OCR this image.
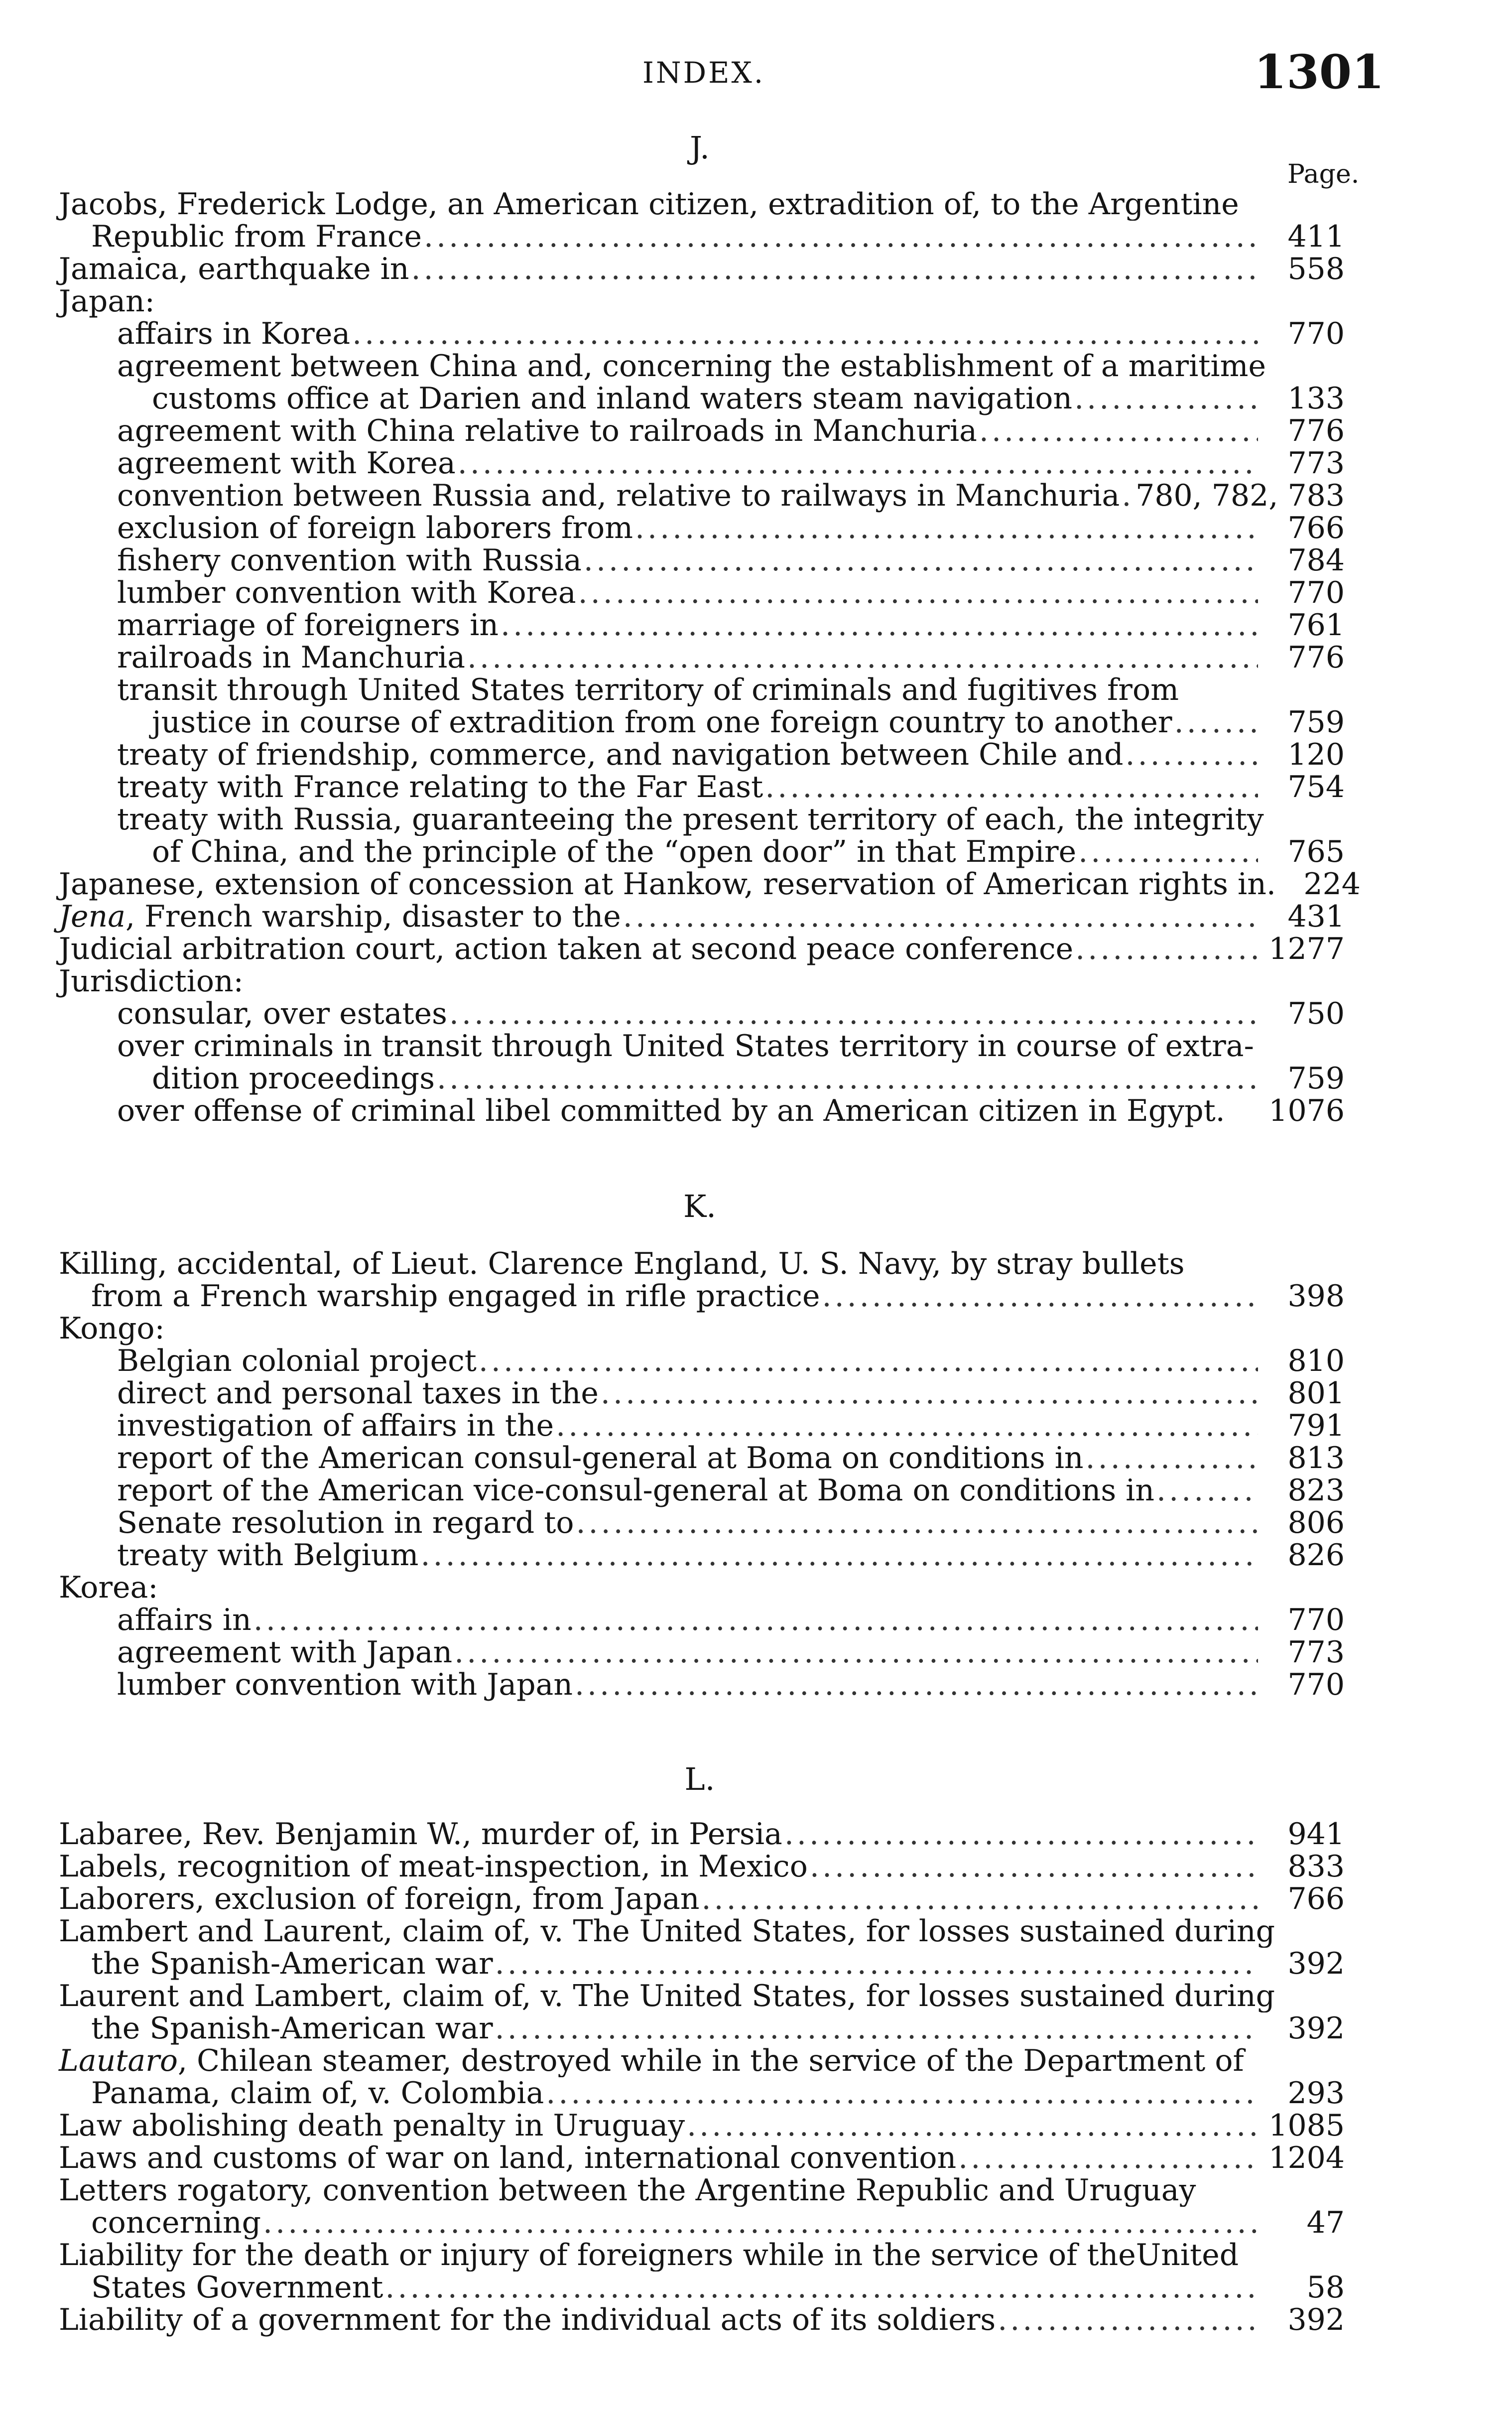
INDEX.	1301
Page.
J.
Jacobs, Frederick Lodge, an American citizen, extradition of, to the Argentine
Republic from France .....	411
Jamaica, earthquake in .....	558
Japan:
affairs in Korea .....	770
agreement between China and, concerning the establishment of a maritime
customs office at Darien and inland waters steam navigation .....	133
agreement with China relative to railroads in Manchuria .....	776
agreement with Korea .....	773
convention between Russia and, relative to railways in Manchuria ..... 780, 782, 783
exclusion of foreign laborers from .....	766
fishery convention with Russia .....	784
lumber convention with Korea .....	770
marriage of foreigners in .....	761
railroads in Manchuria .....	776
transit through United States territory of criminals and fugitives from
justice in course of extradition from one foreign country to another .....	759
treaty of friendship, commerce, and navigation between Chile and .....	120
treaty with France relating to the Far East .....	754
treaty with Russia, guaranteeing the present territory of each, the integrity
of China, and the principle of the “open door” in that Empire .....	765
Japanese, extension of concession at Hankow, reservation of American rights in. 224
Jena, French warship, disaster to the .....	431
Judicial arbitration court, action taken at second peace conference .....	1277
Jurisdiction:
consular, over estates .....	750
over criminals in transit through United States territory in course of extra-
dition proceedings .....	759
over offense of criminal libel committed by an American citizen in Egypt. 1076
K.
Killing, accidental, of Lieut. Clarence England, U. S. Navy, by stray bullets
from a French warship engaged in rifle practice .....	398
Kongo:
Belgian colonial project .....	810
direct and personal taxes in the .....	801
investigation of affairs in the .....	791
report of the American consul-general at Boma on conditions in .....	813
report of the American vice-consul-general at Boma on conditions in .....	823
Senate resolution in regard to .....	806
treaty with Belgium .....	826
Korea:
affairs in .....	770
agreement with Japan .....	773
lumber convention with Japan .....	770
L.
Labaree, Rev. Benjamin W., murder of, in Persia .....	941
Labels, recognition of meat-inspection, in Mexico .....	833
Laborers, exclusion of foreign, from Japan .....	766
Lambert and Laurent, claim of, v. The United States, for losses sustained during
the Spanish-American war .....	392
Laurent and Lambert, claim of, v. The United States, for losses sustained during
the Spanish-American war .....	392
Lautaro, Chilean steamer, destroyed while in the service of the Department of
Panama, claim of, v. Colombia .....	293
Law abolishing death penalty in Uruguay .....	1085
Laws and customs of war on land, international convention .....	1204
Letters rogatory, convention between the Argentine Republic and Uruguay
concerning .....	47
Liability for the death or injury of foreigners while in the service of theUnited
States Government .....	58
Liability of a government for the individual acts of its soldiers .....	392
